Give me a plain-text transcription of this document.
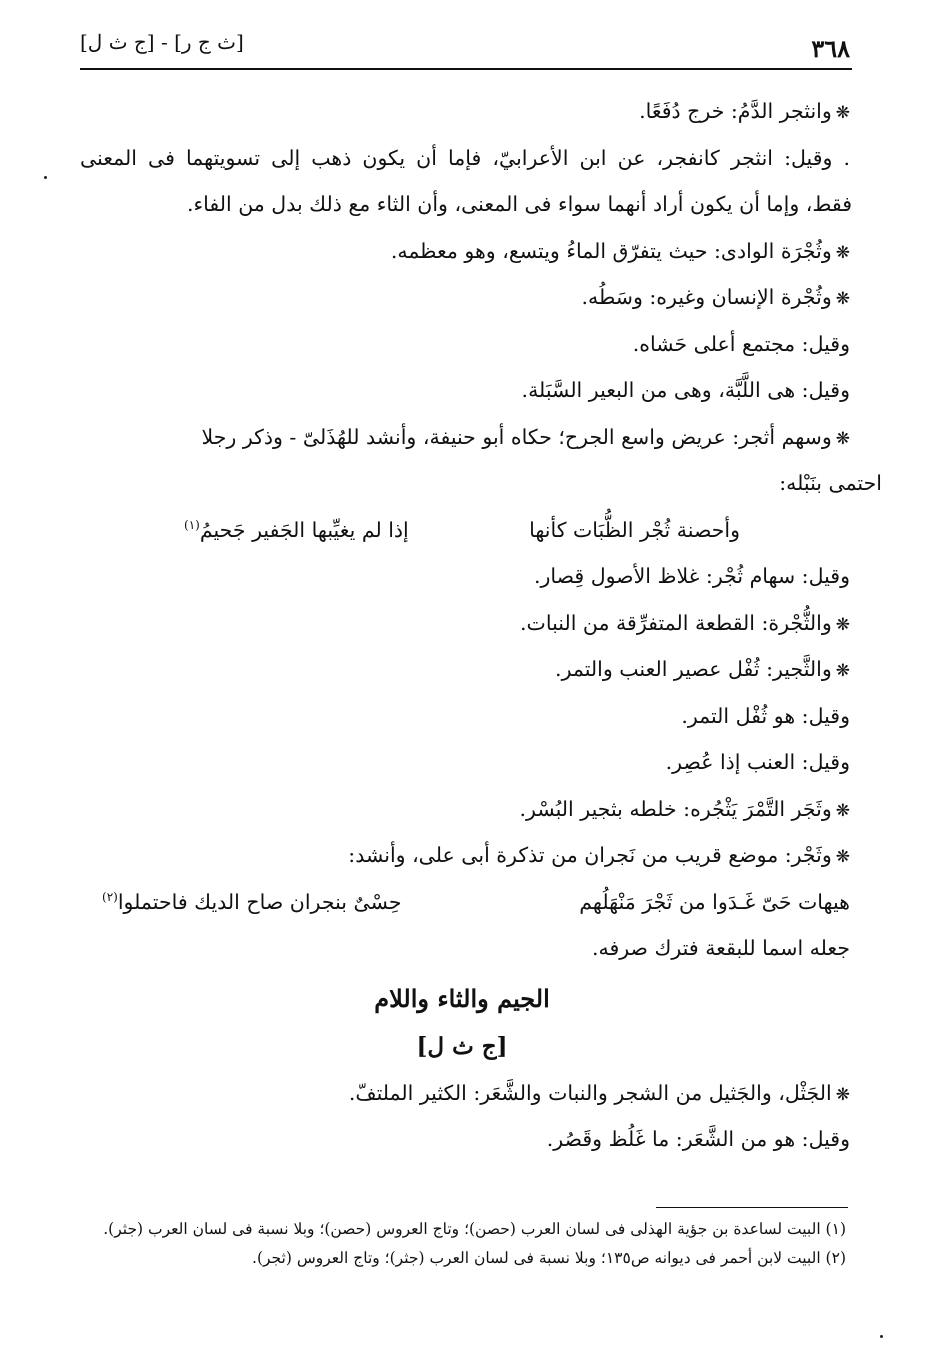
٣٦٨
[ث ج ر] - [ج ث ل]
❋وانثجر الدَّمُ: خرج دُفَعًا.
. وقيل: انثجر كانفجر، عن ابن الأعرابيّ، فإما أن يكون ذهب إلى تسويتهما فى المعنى
فقط، وإما أن يكون أراد أنهما سواء فى المعنى، وأن الثاء مع ذلك بدل من الفاء.
❋وثُجْرَة الوادى: حيث يتفرّق الماءُ ويتسع، وهو معظمه.
❋وثُجْرة الإنسان وغيره: وسَطُه.
وقيل: مجتمع أعلى حَشاه.
وقيل: هى اللَّبَّة، وهى من البعير السَّبَلة.
❋وسهم أثجر: عريض واسع الجرح؛ حكاه أبو حنيفة، وأنشد للهُذَلىّ - وذكر رجلا
احتمى بنَبْله:
وأحصنة ثُجْر الظُّبَات كأنها
إذا لم يغيِّبها الجَفير جَحيمُ$^{(١)}$
وقيل: سهام ثُجْر: غلاظ الأصول قِصار.
❋والثُّجْرة: القطعة المتفرِّقة من النبات.
❋والثَّجير: ثُفْل عصير العنب والتمر.
وقيل: هو ثُفْل التمر.
وقيل: العنب إذا عُصِر.
❋وثَجَر التَّمْرَ يَثْجُره: خلطه بثجير البُسْر.
❋وثَجْر: موضع قريب من نَجران من تذكرة أبى على، وأنشد:
هيهات حَىّ غَـدَوا من ثَجْرَ مَنْهَلُهم
حِسْىٌ بنجران صاح الديك فاحتملوا$^{(٢)}$
جعله اسما للبقعة فترك صرفه.
الجيم والثاء واللام
[ج ث ل]
❋الجَثْل، والجَثيل من الشجر والنبات والشَّعَر: الكثير الملتفّ.
وقيل: هو من الشَّعَر: ما غَلُظ وقَصُر.
(١) البيت لساعدة بن جؤية الهذلى فى لسان العرب (حصن)؛ وتاج العروس (حصن)؛ وبلا نسبة فى لسان العرب (جثر).
(٢) البيت لابن أحمر فى ديوانه ص١٣٥؛ وبلا نسبة فى لسان العرب (جثر)؛ وتاج العروس (ثجر).
